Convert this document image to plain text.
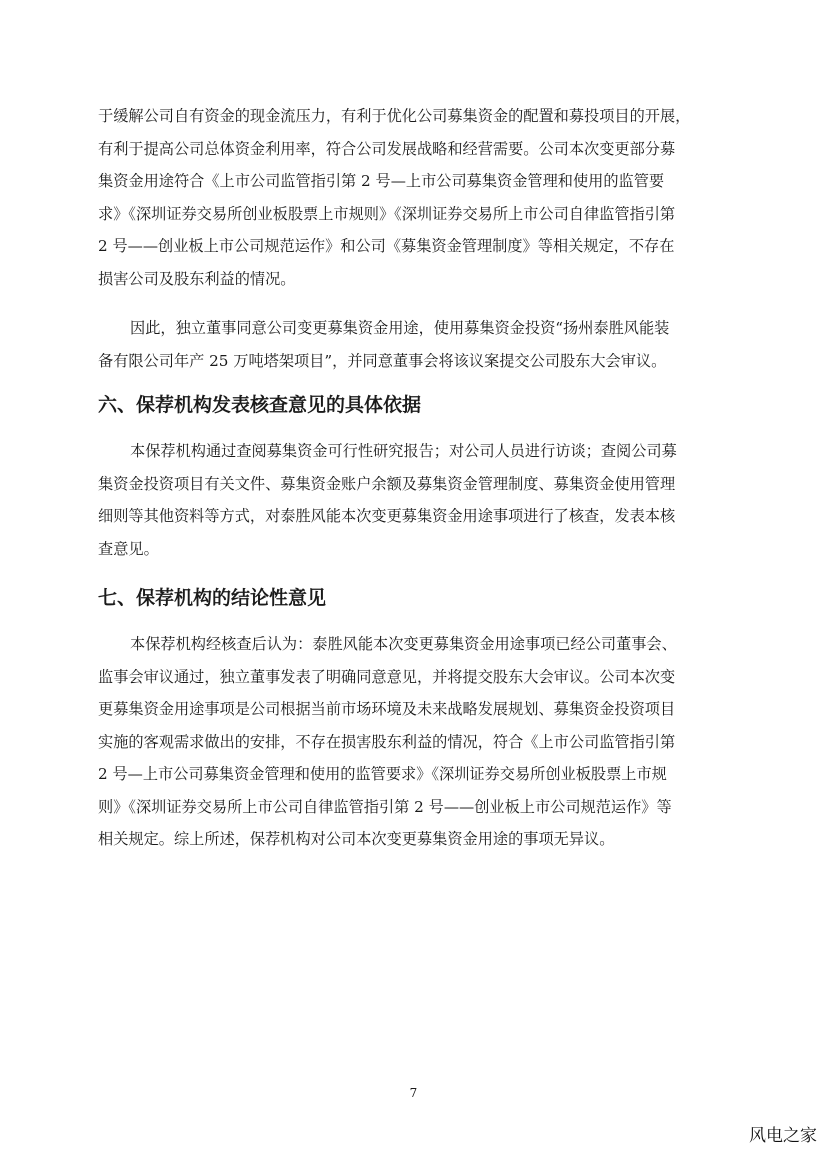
于缓解公司自有资金的现金流压力，有利于优化公司募集资金的配置和募投项目的开展，
有利于提高公司总体资金利用率，符合公司发展战略和经营需要。公司本次变更部分募
集资金用途符合《上市公司监管指引第 2 号—上市公司募集资金管理和使用的监管要
求》《深圳证券交易所创业板股票上市规则》《深圳证券交易所上市公司自律监管指引第
2 号——创业板上市公司规范运作》和公司《募集资金管理制度》等相关规定，不存在
损害公司及股东利益的情况。
因此，独立董事同意公司变更募集资金用途，使用募集资金投资“扬州泰胜风能装
备有限公司年产 25 万吨塔架项目”，并同意董事会将该议案提交公司股东大会审议。
六、保荐机构发表核查意见的具体依据
本保荐机构通过查阅募集资金可行性研究报告；对公司人员进行访谈；查阅公司募
集资金投资项目有关文件、募集资金账户余额及募集资金管理制度、募集资金使用管理
细则等其他资料等方式，对泰胜风能本次变更募集资金用途事项进行了核查，发表本核
查意见。
七、保荐机构的结论性意见
本保荐机构经核查后认为：泰胜风能本次变更募集资金用途事项已经公司董事会、
监事会审议通过，独立董事发表了明确同意意见，并将提交股东大会审议。公司本次变
更募集资金用途事项是公司根据当前市场环境及未来战略发展规划、募集资金投资项目
实施的客观需求做出的安排，不存在损害股东利益的情况，符合《上市公司监管指引第
2 号—上市公司募集资金管理和使用的监管要求》《深圳证券交易所创业板股票上市规
则》《深圳证券交易所上市公司自律监管指引第 2 号——创业板上市公司规范运作》等
相关规定。综上所述，保荐机构对公司本次变更募集资金用途的事项无异议。
7
风电之家
